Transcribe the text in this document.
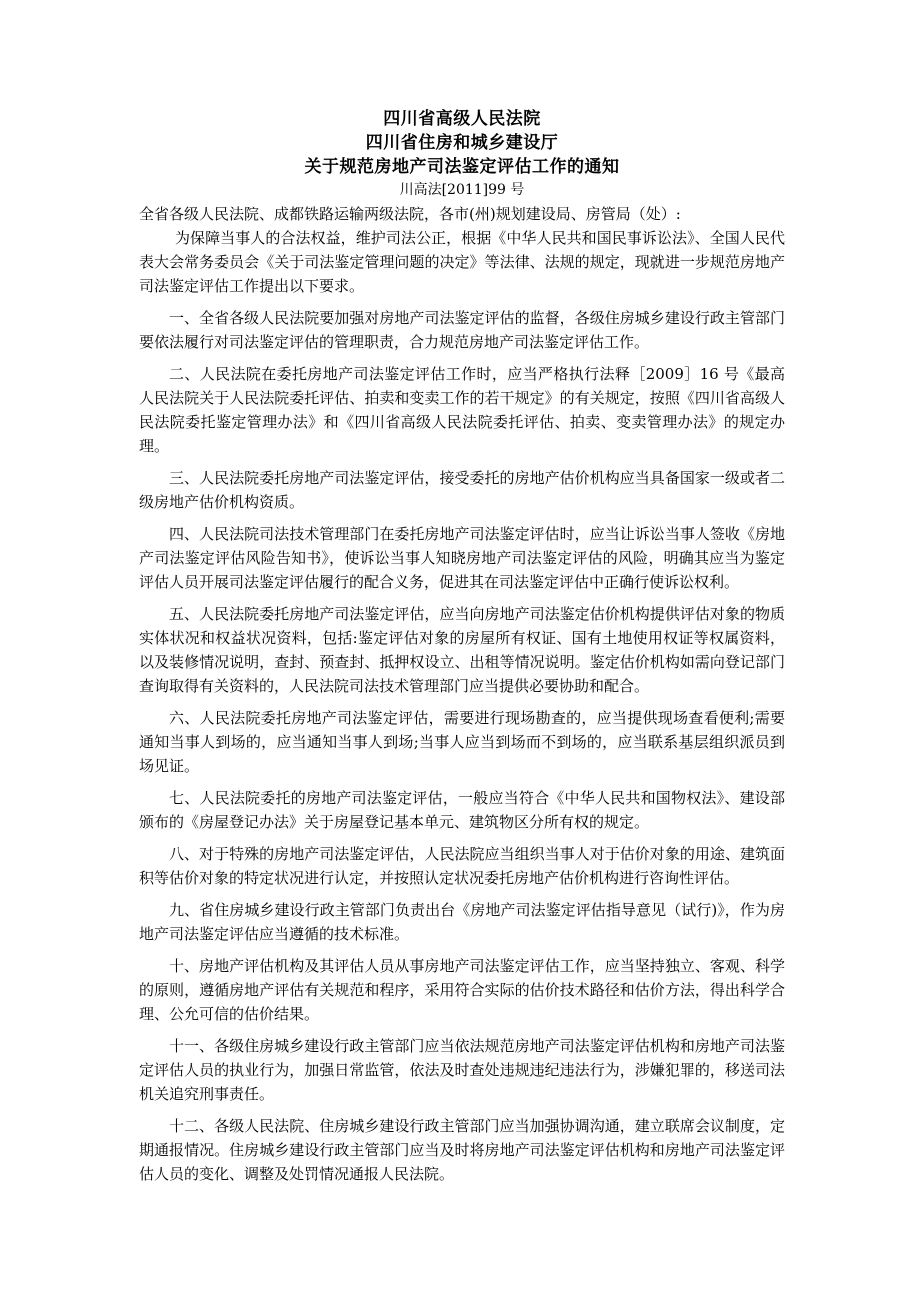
四川省高级人民法院
四川省住房和城乡建设厅
关于规范房地产司法鉴定评估工作的通知
川高法[2011]99 号

全省各级人民法院、成都铁路运输两级法院，各市(州)规划建设局、房管局（处）:

为保障当事人的合法权益，维护司法公正，根据《中华人民共和国民事诉讼法》、全国人民代表大会常务委员会《关于司法鉴定管理问题的决定》等法律、法规的规定，现就进一步规范房地产司法鉴定评估工作提出以下要求。

一、全省各级人民法院要加强对房地产司法鉴定评估的监督，各级住房城乡建设行政主管部门要依法履行对司法鉴定评估的管理职责，合力规范房地产司法鉴定评估工作。

二、人民法院在委托房地产司法鉴定评估工作时，应当严格执行法释［2009］16 号《最高人民法院关于人民法院委托评估、拍卖和变卖工作的若干规定》的有关规定，按照《四川省高级人民法院委托鉴定管理办法》和《四川省高级人民法院委托评估、拍卖、变卖管理办法》的规定办理。

三、人民法院委托房地产司法鉴定评估，接受委托的房地产估价机构应当具备国家一级或者二级房地产估价机构资质。

四、人民法院司法技术管理部门在委托房地产司法鉴定评估时，应当让诉讼当事人签收《房地产司法鉴定评估风险告知书》，使诉讼当事人知晓房地产司法鉴定评估的风险，明确其应当为鉴定评估人员开展司法鉴定评估履行的配合义务，促进其在司法鉴定评估中正确行使诉讼权利。

五、人民法院委托房地产司法鉴定评估，应当向房地产司法鉴定估价机构提供评估对象的物质实体状况和权益状况资料，包括:鉴定评估对象的房屋所有权证、国有土地使用权证等权属资料，以及装修情况说明，查封、预查封、抵押权设立、出租等情况说明。鉴定估价机构如需向登记部门查询取得有关资料的，人民法院司法技术管理部门应当提供必要协助和配合。

六、人民法院委托房地产司法鉴定评估，需要进行现场勘查的，应当提供现场查看便利;需要通知当事人到场的，应当通知当事人到场;当事人应当到场而不到场的，应当联系基层组织派员到场见证。

七、人民法院委托的房地产司法鉴定评估，一般应当符合《中华人民共和国物权法》、建设部颁布的《房屋登记办法》关于房屋登记基本单元、建筑物区分所有权的规定。

八、对于特殊的房地产司法鉴定评估，人民法院应当组织当事人对于估价对象的用途、建筑面积等估价对象的特定状况进行认定，并按照认定状况委托房地产估价机构进行咨询性评估。

九、省住房城乡建设行政主管部门负责出台《房地产司法鉴定评估指导意见（试行)》，作为房地产司法鉴定评估应当遵循的技术标准。

十、房地产评估机构及其评估人员从事房地产司法鉴定评估工作，应当坚持独立、客观、科学的原则，遵循房地产评估有关规范和程序，采用符合实际的估价技术路径和估价方法，得出科学合理、公允可信的估价结果。

十一、各级住房城乡建设行政主管部门应当依法规范房地产司法鉴定评估机构和房地产司法鉴定评估人员的执业行为，加强日常监管，依法及时查处违规违纪违法行为，涉嫌犯罪的，移送司法机关追究刑事责任。

十二、各级人民法院、住房城乡建设行政主管部门应当加强协调沟通，建立联席会议制度，定期通报情况。住房城乡建设行政主管部门应当及时将房地产司法鉴定评估机构和房地产司法鉴定评估人员的变化、调整及处罚情况通报人民法院。
